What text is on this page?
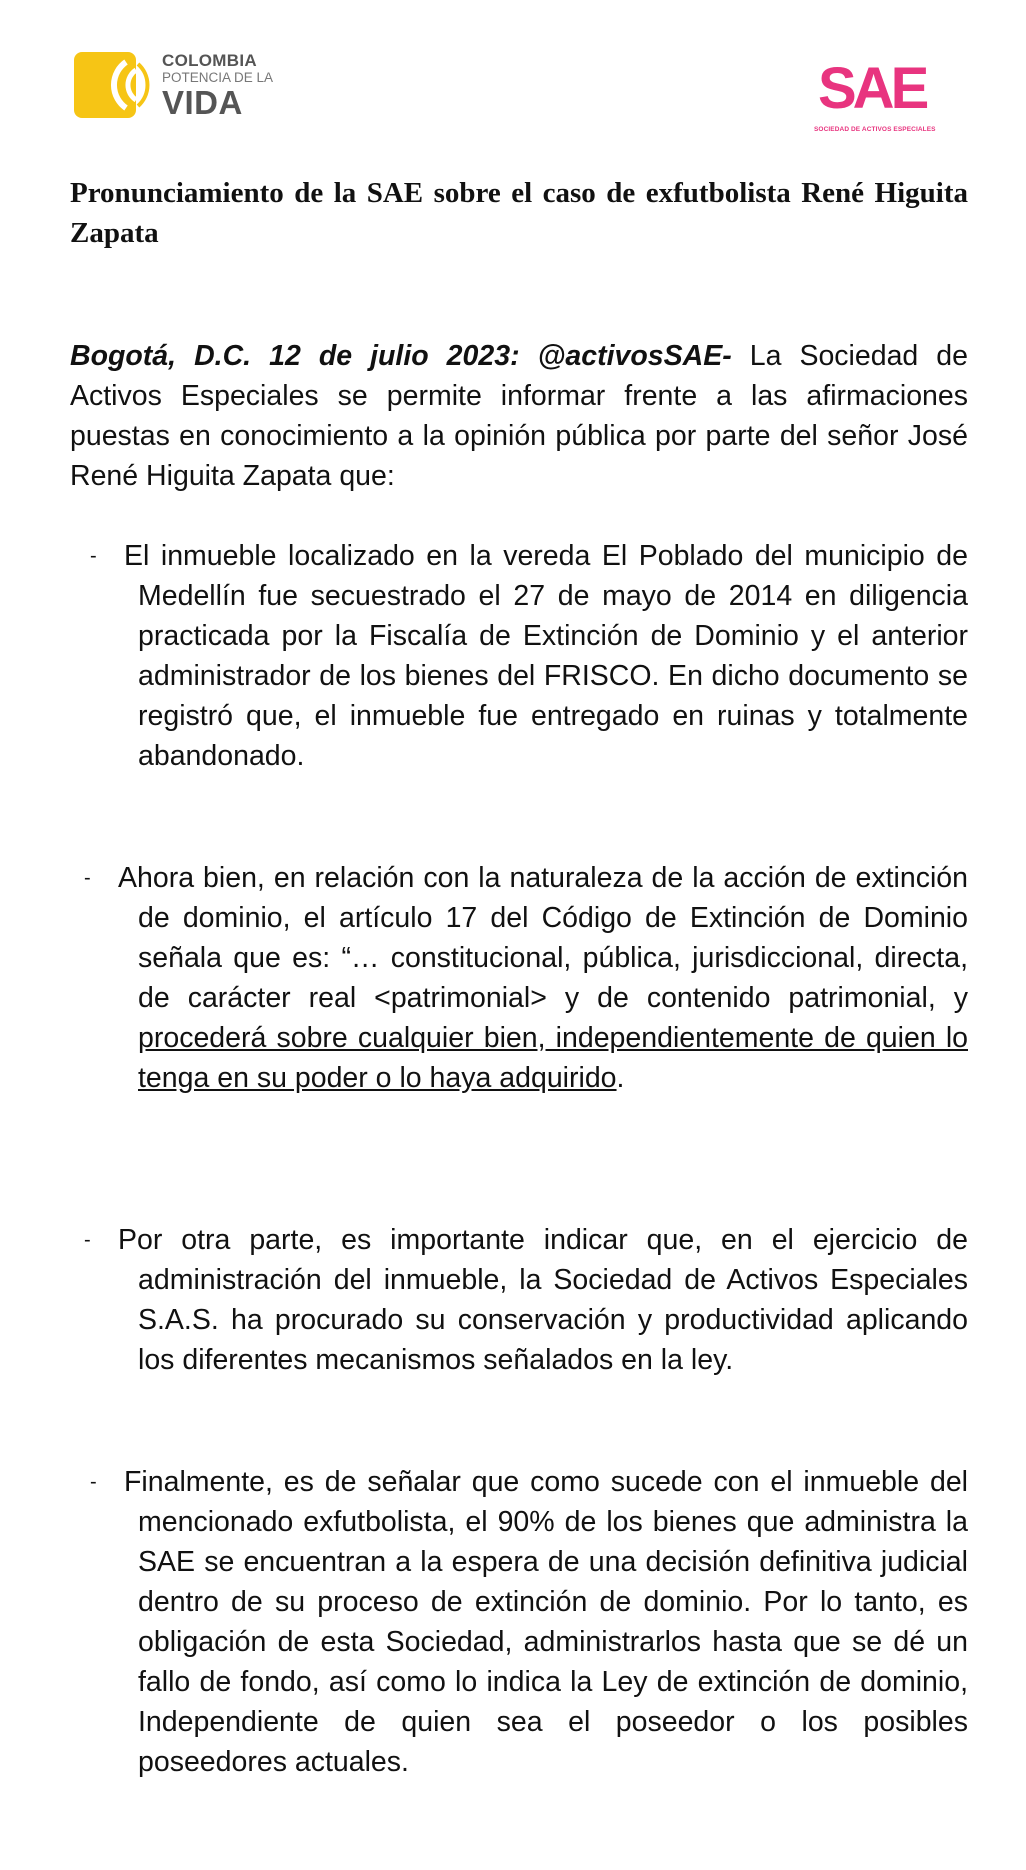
COLOMBIA
POTENCIA DE LA
VIDA	SAE
SOCIEDAD DE ACTIVOS ESPECIALES
Pronunciamiento de la SAE sobre el caso de exfutbolista René Higuita Zapata

Bogotá, D.C. 12 de julio 2023: @activosSAE- La Sociedad de Activos Especiales se permite informar frente a las afirmaciones puestas en conocimiento a la opinión pública por parte del señor José René Higuita Zapata que:

- El inmueble localizado en la vereda El Poblado del municipio de Medellín fue secuestrado el 27 de mayo de 2014 en diligencia practicada por la Fiscalía de Extinción de Dominio y el anterior administrador de los bienes del FRISCO. En dicho documento se registró que, el inmueble fue entregado en ruinas y totalmente abandonado.

- Ahora bien, en relación con la naturaleza de la acción de extinción de dominio, el artículo 17 del Código de Extinción de Dominio señala que es: “… constitucional, pública, jurisdiccional, directa, de carácter real <patrimonial> y de contenido patrimonial, y procederá sobre cualquier bien, independientemente de quien lo tenga en su poder o lo haya adquirido.

- Por otra parte, es importante indicar que, en el ejercicio de administración del inmueble, la Sociedad de Activos Especiales S.A.S. ha procurado su conservación y productividad aplicando los diferentes mecanismos señalados en la ley.

- Finalmente, es de señalar que como sucede con el inmueble del mencionado exfutbolista, el 90% de los bienes que administra la SAE se encuentran a la espera de una decisión definitiva judicial dentro de su proceso de extinción de dominio. Por lo tanto, es obligación de esta Sociedad, administrarlos hasta que se dé un fallo de fondo, así como lo indica la Ley de extinción de dominio, Independiente de quien sea el poseedor o los posibles poseedores actuales.
